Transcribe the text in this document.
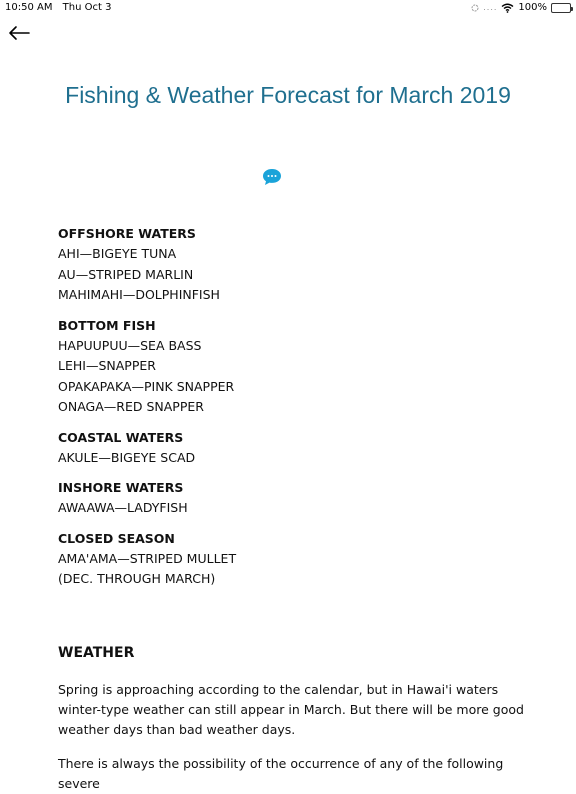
10:50 AM Thu Oct 3	.... 100%
Fishing & Weather Forecast for March 2019
OFFSHORE WATERS
AHI—BIGEYE TUNA
AU—STRIPED MARLIN
MAHIMAHI—DOLPHINFISH
BOTTOM FISH
HAPUUPUU—SEA BASS
LEHI—SNAPPER
OPAKAPAKA—PINK SNAPPER
ONAGA—RED SNAPPER
COASTAL WATERS
AKULE—BIGEYE SCAD
INSHORE WATERS
AWAAWA—LADYFISH
CLOSED SEASON
AMA'AMA—STRIPED MULLET
(DEC. THROUGH MARCH)
WEATHER

Spring is approaching according to the calendar, but in Hawai'i waters winter-type weather can still appear in March. But there will be more good weather days than bad weather days.

There is always the possibility of the occurrence of any of the following severe
